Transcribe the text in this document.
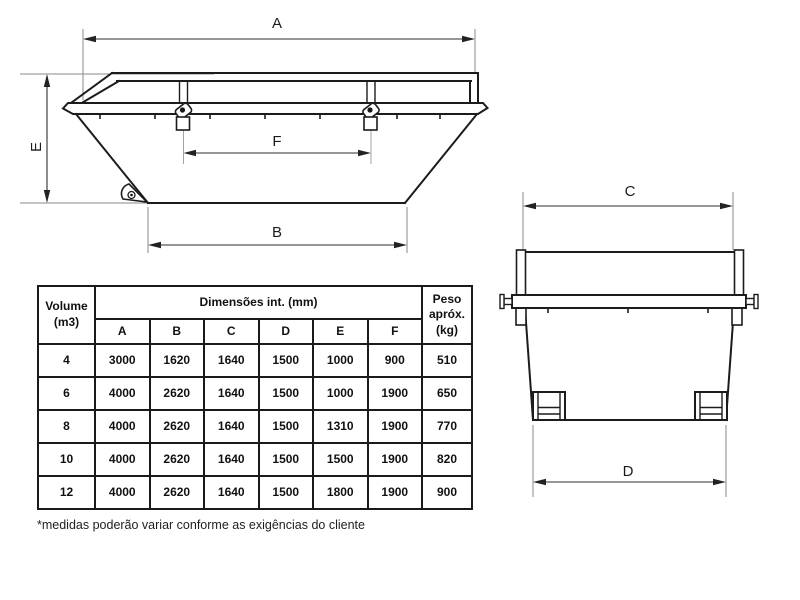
A
E	F
B
C
D
Volume
(m3)
	Dimensões int. (mm)	Peso
apróx.
(kg)

	A	B	C	D	E	F	
4	3000	1620	1640	1500	1000	900	510
6	4000	2620	1640	1500	1000	1900	650
8	4000	2620	1640	1500	1310	1900	770
10	4000	2620	1640	1500	1500	1900	820
12	4000	2620	1640	1500	1800	1900	900
*medidas poderão variar conforme as exigências do cliente
